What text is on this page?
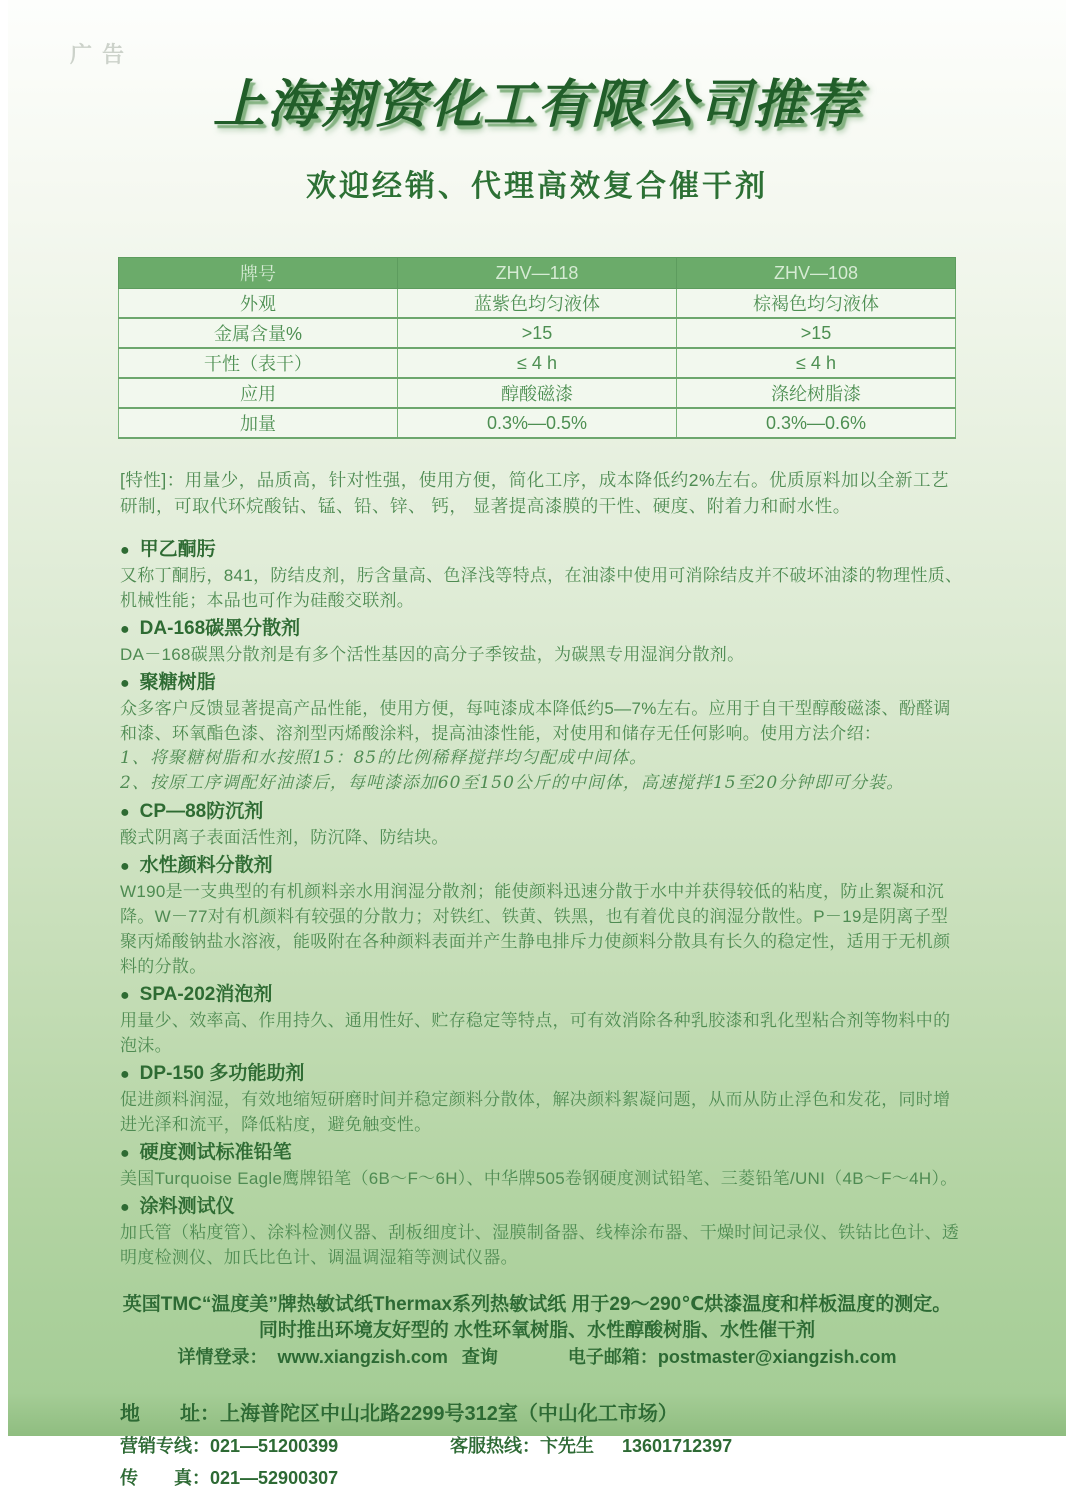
广告
上海翔资化工有限公司推荐
欢迎经销、代理高效复合催干剂
牌号	ZHV—118	ZHV—108
外观	蓝紫色均匀液体	棕褐色均匀液体
金属含量%	>15	>15
干性（表干）	≤ 4 h	≤ 4 h
应用	醇酸磁漆	涤纶树脂漆
加量	0.3%—0.5%	0.3%—0.6%

[特性]：用量少，品质高，针对性强，使用方便，简化工序，成本降低约2%左右。优质原料加以全新工艺研制，可取代环烷酸钴、锰、铅、锌、 钙， 显著提高漆膜的干性、硬度、附着力和耐水性。

● 甲乙酮肟
又称丁酮肟，841，防结皮剂，肟含量高、色泽浅等特点，在油漆中使用可消除结皮并不破坏油漆的物理性质、机械性能；本品也可作为硅酸交联剂。
● DA-168碳黑分散剂
DA－168碳黑分散剂是有多个活性基因的高分子季铵盐，为碳黑专用湿润分散剂。
● 聚糖树脂
众多客户反馈显著提高产品性能，使用方便，每吨漆成本降低约5—7%左右。应用于自干型醇酸磁漆、酚醛调和漆、环氧酯色漆、溶剂型丙烯酸涂料，提高油漆性能，对使用和储存无任何影响。使用方法介绍：
1、将聚糖树脂和水按照15：85的比例稀释搅拌均匀配成中间体。
2、按原工序调配好油漆后，每吨漆添加60至150公斤的中间体，高速搅拌15至20分钟即可分装。
● CP—88防沉剂
酸式阴离子表面活性剂，防沉降、防结块。
● 水性颜料分散剂
W190是一支典型的有机颜料亲水用润湿分散剂；能使颜料迅速分散于水中并获得较低的粘度，防止絮凝和沉降。W－77对有机颜料有较强的分散力；对铁红、铁黄、铁黑，也有着优良的润湿分散性。P－19是阴离子型聚丙烯酸钠盐水溶液，能吸附在各种颜料表面并产生静电排斥力使颜料分散具有长久的稳定性，适用于无机颜料的分散。
● SPA-202消泡剂
用量少、效率高、作用持久、通用性好、贮存稳定等特点，可有效消除各种乳胶漆和乳化型粘合剂等物料中的泡沫。
● DP-150 多功能助剂
促进颜料润湿，有效地缩短研磨时间并稳定颜料分散体，解决颜料絮凝问题，从而从防止浮色和发花，同时增进光泽和流平，降低粘度，避免触变性。
● 硬度测试标准铅笔
美国Turquoise Eagle鹰牌铅笔（6B～F～6H）、中华牌505卷钢硬度测试铅笔、三菱铅笔/UNI（4B～F～4H）。
● 涂料测试仪
加氏管（粘度管）、涂料检测仪器、刮板细度计、湿膜制备器、线棒涂布器、干燥时间记录仪、铁钴比色计、透明度检测仪、加氏比色计、调温调湿箱等测试仪器。
英国TMC“温度美”牌热敏试纸Thermax系列热敏试纸 用于29～290℃烘漆温度和样板温度的测定。
同时推出环境友好型的 水性环氧树脂、水性醇酸树脂、水性催干剂
详情登录： www.xiangzish.com 查询	电子邮箱：postmaster@xiangzish.com
地　　址：上海普陀区中山北路2299号312室（中山化工市场）
营销专线：021—51200399	客服热线：卞先生 13601712397
传　　真： 021—52900307
